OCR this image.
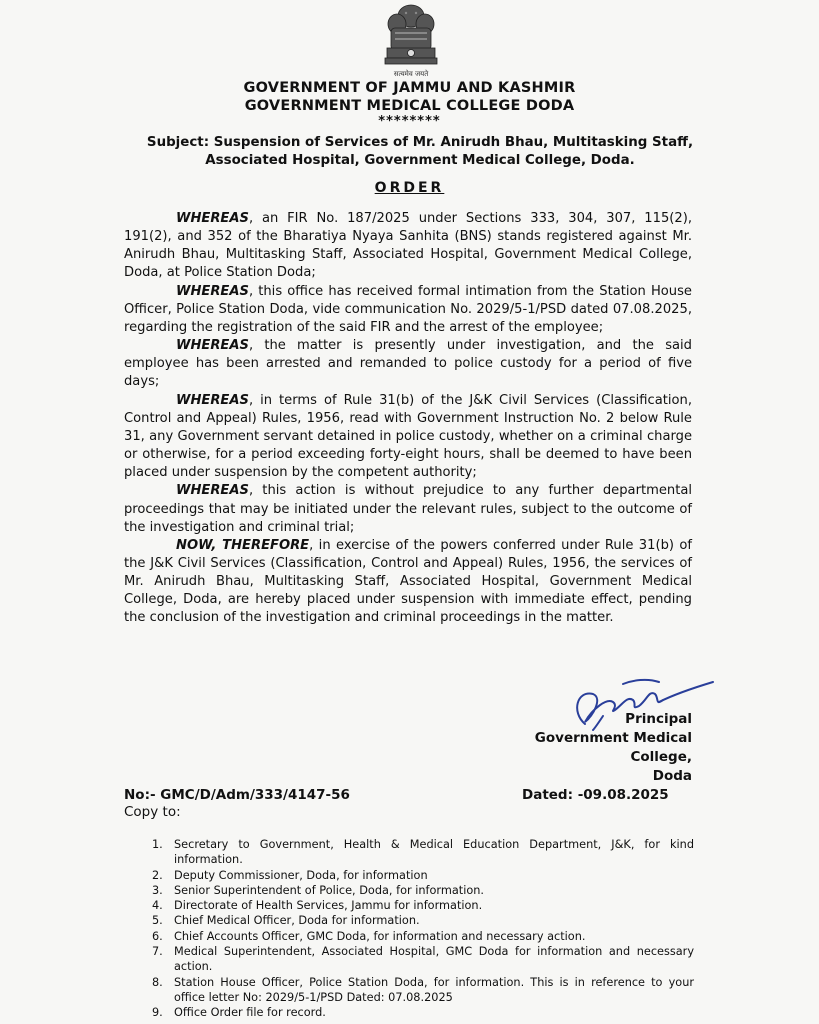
सत्यमेव जयते
GOVERNMENT OF JAMMU AND KASHMIR
GOVERNMENT MEDICAL COLLEGE DODA
********
Subject: Suspension of Services of Mr. Anirudh Bhau, Multitasking Staff,
Associated Hospital, Government Medical College, Doda.
ORDER

WHEREAS, an FIR No. 187/2025 under Sections 333, 304, 307, 115(2), 191(2), and 352 of the Bharatiya Nyaya Sanhita (BNS) stands registered against Mr. Anirudh Bhau, Multitasking Staff, Associated Hospital, Government Medical College, Doda, at Police Station Doda;

WHEREAS, this office has received formal intimation from the Station House Officer, Police Station Doda, vide communication No. 2029/5-1/PSD dated 07.08.2025, regarding the registration of the said FIR and the arrest of the employee;

WHEREAS, the matter is presently under investigation, and the said employee has been arrested and remanded to police custody for a period of five days;

WHEREAS, in terms of Rule 31(b) of the J&K Civil Services (Classification, Control and Appeal) Rules, 1956, read with Government Instruction No. 2 below Rule 31, any Government servant detained in police custody, whether on a criminal charge or otherwise, for a period exceeding forty-eight hours, shall be deemed to have been placed under suspension by the competent authority;

WHEREAS, this action is without prejudice to any further departmental proceedings that may be initiated under the relevant rules, subject to the outcome of the investigation and criminal trial;

NOW, THEREFORE, in exercise of the powers conferred under Rule 31(b) of the J&K Civil Services (Classification, Control and Appeal) Rules, 1956, the services of Mr. Anirudh Bhau, Multitasking Staff, Associated Hospital, Government Medical College, Doda, are hereby placed under suspension with immediate effect, pending the conclusion of the investigation and criminal proceedings in the matter.

Principal
Government Medical
College,
Doda
No:- GMC/D/Adm/333/4147-56	Dated: -09.08.2025
Copy to:
1. Secretary to Government, Health & Medical Education Department, J&K, for kind information.
2. Deputy Commissioner, Doda, for information
3. Senior Superintendent of Police, Doda, for information.
4. Directorate of Health Services, Jammu for information.
5. Chief Medical Officer, Doda for information.
6. Chief Accounts Officer, GMC Doda, for information and necessary action.
7. Medical Superintendent, Associated Hospital, GMC Doda for information and necessary action.
8. Station House Officer, Police Station Doda, for information. This is in reference to your office letter No: 2029/5-1/PSD Dated: 07.08.2025
9. Office Order file for record.
